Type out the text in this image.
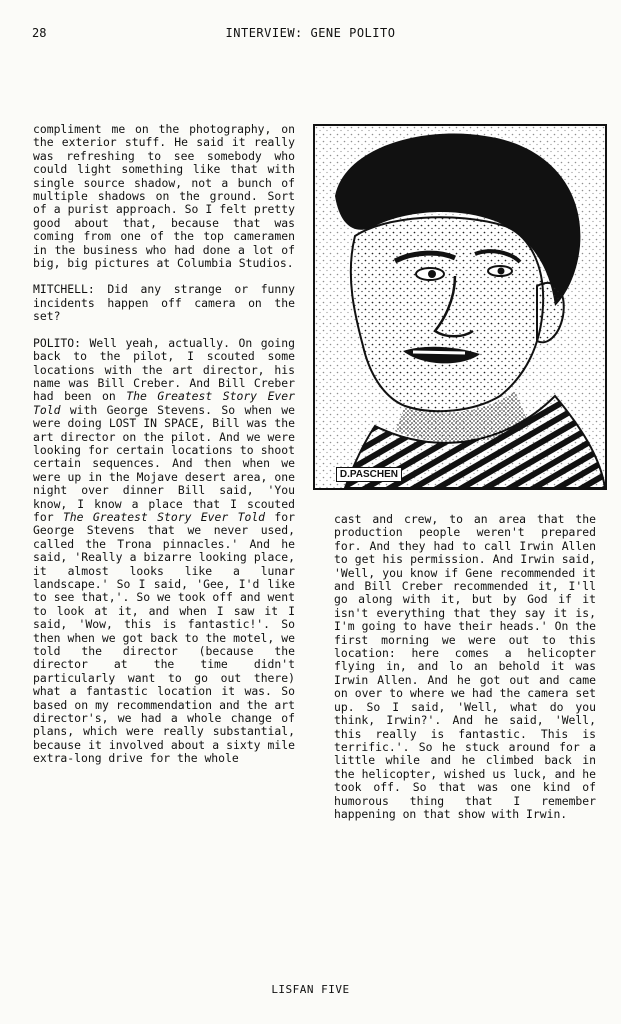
28	INTERVIEW: GENE POLITO

compliment me on the photography, on the exterior stuff. He said it really was refreshing to see somebody who could light something like that with single source shadow, not a bunch of multiple shadows on the ground. Sort of a purist approach. So I felt pretty good about that, because that was coming from one of the top cameramen in the business who had done a lot of big, big pictures at Columbia Studios.

MITCHELL: Did any strange or funny incidents happen off camera on the set?

POLITO: Well yeah, actually. On going back to the pilot, I scouted some locations with the art director, his name was Bill Creber. And Bill Creber had been on The Greatest Story Ever Told with George Stevens. So when we were doing LOST IN SPACE, Bill was the art director on the pilot. And we were looking for certain locations to shoot certain sequences. And then when we were up in the Mojave desert area, one night over dinner Bill said, 'You know, I know a place that I scouted for The Greatest Story Ever Told for George Stevens that we never used, called the Trona pinnacles.' And he said, 'Really a bizarre looking place, it almost looks like a lunar landscape.' So I said, 'Gee, I'd like to see that,'. So we took off and went to look at it, and when I saw it I said, 'Wow, this is fantastic!'. So then when we got back to the motel, we told the director (because the director at the time didn't particularly want to go out there) what a fantastic location it was. So based on my recommendation and the art director's, we had a whole change of plans, which were really substantial, because it involved about a sixty mile extra-long drive for the whole

D.PASCHEN

cast and crew, to an area that the production people weren't prepared for. And they had to call Irwin Allen to get his permission. And Irwin said, 'Well, you know if Gene recommended it and Bill Creber recommended it, I'll go along with it, but by God if it isn't everything that they say it is, I'm going to have their heads.' On the first morning we were out to this location: here comes a helicopter flying in, and lo an behold it was Irwin Allen. And he got out and came on over to where we had the camera set up. So I said, 'Well, what do you think, Irwin?'. And he said, 'Well, this really is fantastic. This is terrific.'. So he stuck around for a little while and he climbed back in the helicopter, wished us luck, and he took off. So that was one kind of humorous thing that I remember happening on that show with Irwin.

LISFAN FIVE
